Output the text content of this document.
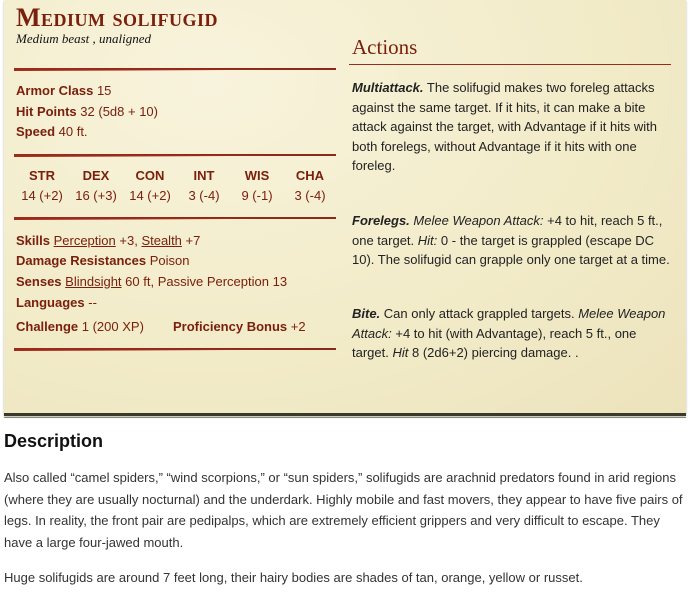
Medium solifugid
Medium beast , unaligned
Armor Class 15
Hit Points 32 (5d8 + 10)
Speed 40 ft.
STR
14 (+2)
DEX
16 (+3)
CON
14 (+2)
INT
3 (-4)
WIS
9 (-1)
CHA
3 (-4)
Skills Perception +3, Stealth +7
Damage Resistances Poison
Senses Blindsight 60 ft, Passive Perception 13
Languages --
Challenge 1 (200 XP) Proficiency Bonus +2
Actions
Multiattack. The solifugid makes two foreleg attacks against the same target. If it hits, it can make a bite attack against the target, with Advantage if it hits with both forelegs, without Advantage if it hits with one foreleg.
Forelegs. Melee Weapon Attack: +4 to hit, reach 5 ft., one target. Hit: 0 - the target is grappled (escape DC 10). The solifugid can grapple only one target at a time.
Bite. Can only attack grappled targets. Melee Weapon Attack: +4 to hit (with Advantage), reach 5 ft., one target. Hit 8 (2d6+2) piercing damage. .
Description
Also called “camel spiders,” “wind scorpions,” or “sun spiders,” solifugids are arachnid predators found in arid regions (where they are usually nocturnal) and the underdark. Highly mobile and fast movers, they appear to have five pairs of legs. In reality, the front pair are pedipalps, which are extremely efficient grippers and very difficult to escape. They have a large four-jawed mouth.
Huge solifugids are around 7 feet long, their hairy bodies are shades of tan, orange, yellow or russet.
